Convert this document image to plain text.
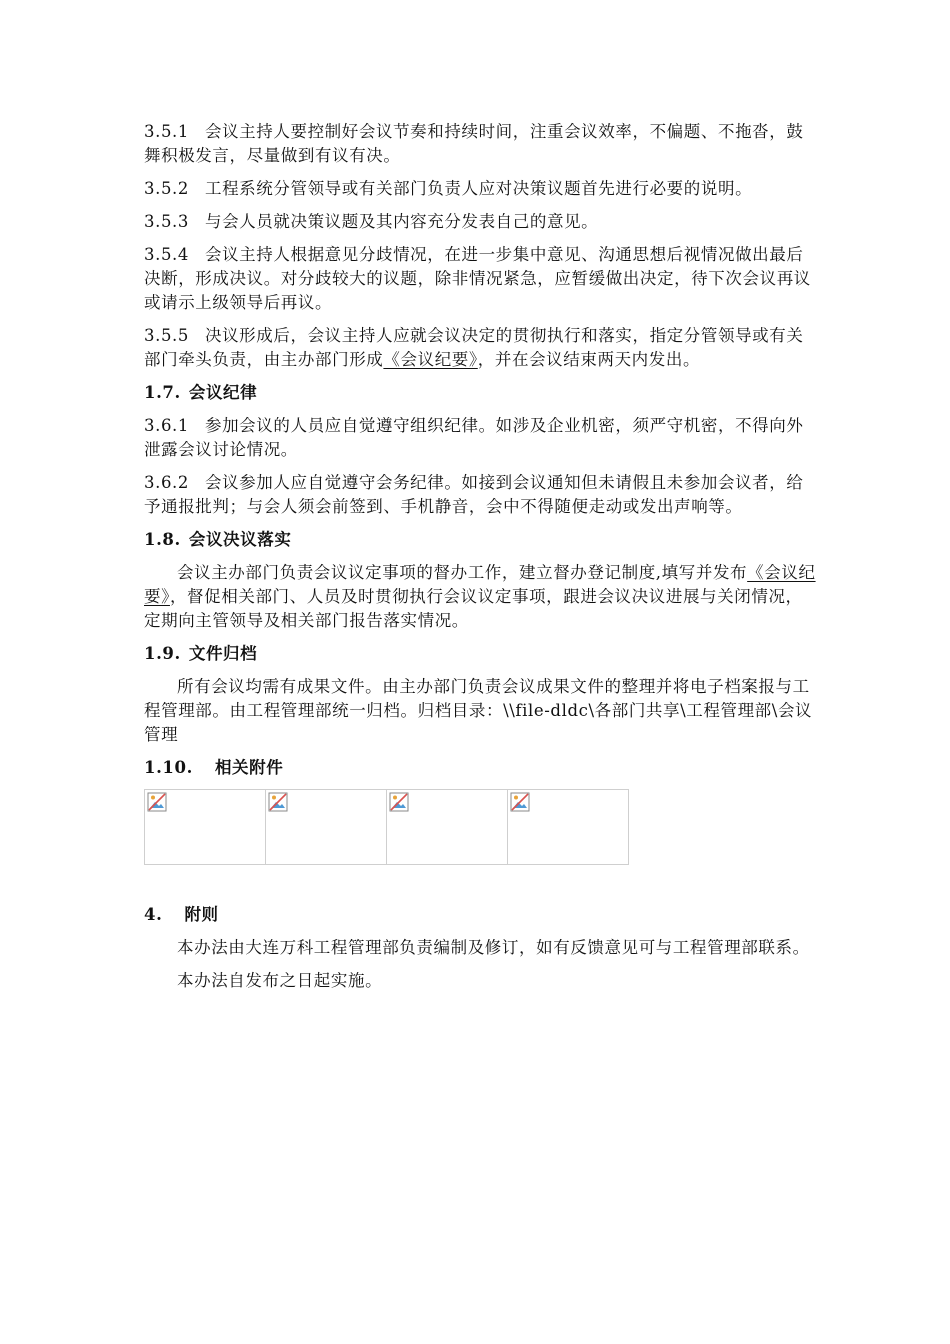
3.5.1 会议主持人要控制好会议节奏和持续时间，注重会议效率，不偏题、不拖沓，鼓舞积极发言，尽量做到有议有决。

3.5.2 工程系统分管领导或有关部门负责人应对决策议题首先进行必要的说明。

3.5.3 与会人员就决策议题及其内容充分发表自己的意见。

3.5.4 会议主持人根据意见分歧情况，在进一步集中意见、沟通思想后视情况做出最后决断，形成决议。对分歧较大的议题，除非情况紧急，应暂缓做出决定，待下次会议再议或请示上级领导后再议。

3.5.5 决议形成后，会议主持人应就会议决定的贯彻执行和落实，指定分管领导或有关部门牵头负责，由主办部门形成《会议纪要》，并在会议结束两天内发出。

1.7. 会议纪律

3.6.1 参加会议的人员应自觉遵守组织纪律。如涉及企业机密，须严守机密，不得向外泄露会议讨论情况。

3.6.2 会议参加人应自觉遵守会务纪律。如接到会议通知但未请假且未参加会议者，给予通报批判；与会人须会前签到、手机静音，会中不得随便走动或发出声响等。

1.8. 会议决议落实

会议主办部门负责会议议定事项的督办工作，建立督办登记制度,填写并发布《会议纪要》，督促相关部门、人员及时贯彻执行会议议定事项，跟进会议决议进展与关闭情况，定期向主管领导及相关部门报告落实情况。

1.9. 文件归档

所有会议均需有成果文件。由主办部门负责会议成果文件的整理并将电子档案报与工程管理部。由工程管理部统一归档。归档目录：\\file-dldc\各部门共享\工程管理部\会议管理

1.10. 相关附件
4. 附则

本办法由大连万科工程管理部负责编制及修订，如有反馈意见可与工程管理部联系。

本办法自发布之日起实施。
